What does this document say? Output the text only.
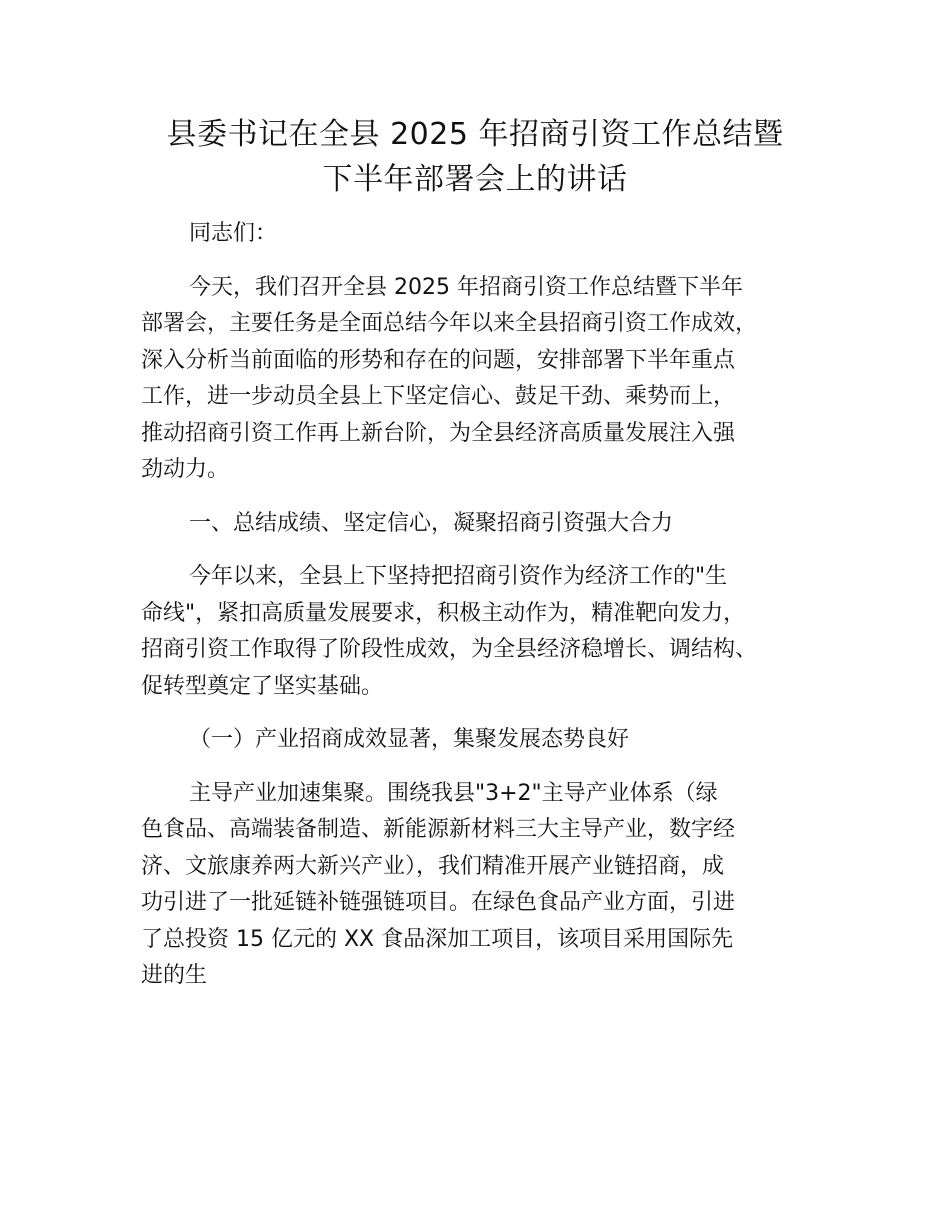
县委书记在全县 2025 年招商引资工作总结暨
下半年部署会上的讲话
同志们：
今天，我们召开全县 2025 年招商引资工作总结暨下半年
部署会，主要任务是全面总结今年以来全县招商引资工作成效，
深入分析当前面临的形势和存在的问题，安排部署下半年重点
工作，进一步动员全县上下坚定信心、鼓足干劲、乘势而上，
推动招商引资工作再上新台阶，为全县经济高质量发展注入强
劲动力。
一、总结成绩、坚定信心，凝聚招商引资强大合力
今年以来，全县上下坚持把招商引资作为经济工作的"生
命线"，紧扣高质量发展要求，积极主动作为，精准靶向发力，
招商引资工作取得了阶段性成效，为全县经济稳增长、调结构、
促转型奠定了坚实基础。
（一）产业招商成效显著，集聚发展态势良好
主导产业加速集聚。围绕我县"3+2"主导产业体系（绿
色食品、高端装备制造、新能源新材料三大主导产业，数字经
济、文旅康养两大新兴产业），我们精准开展产业链招商，成
功引进了一批延链补链强链项目。在绿色食品产业方面，引进
了总投资 15 亿元的 XX 食品深加工项目，该项目采用国际先
进的生
